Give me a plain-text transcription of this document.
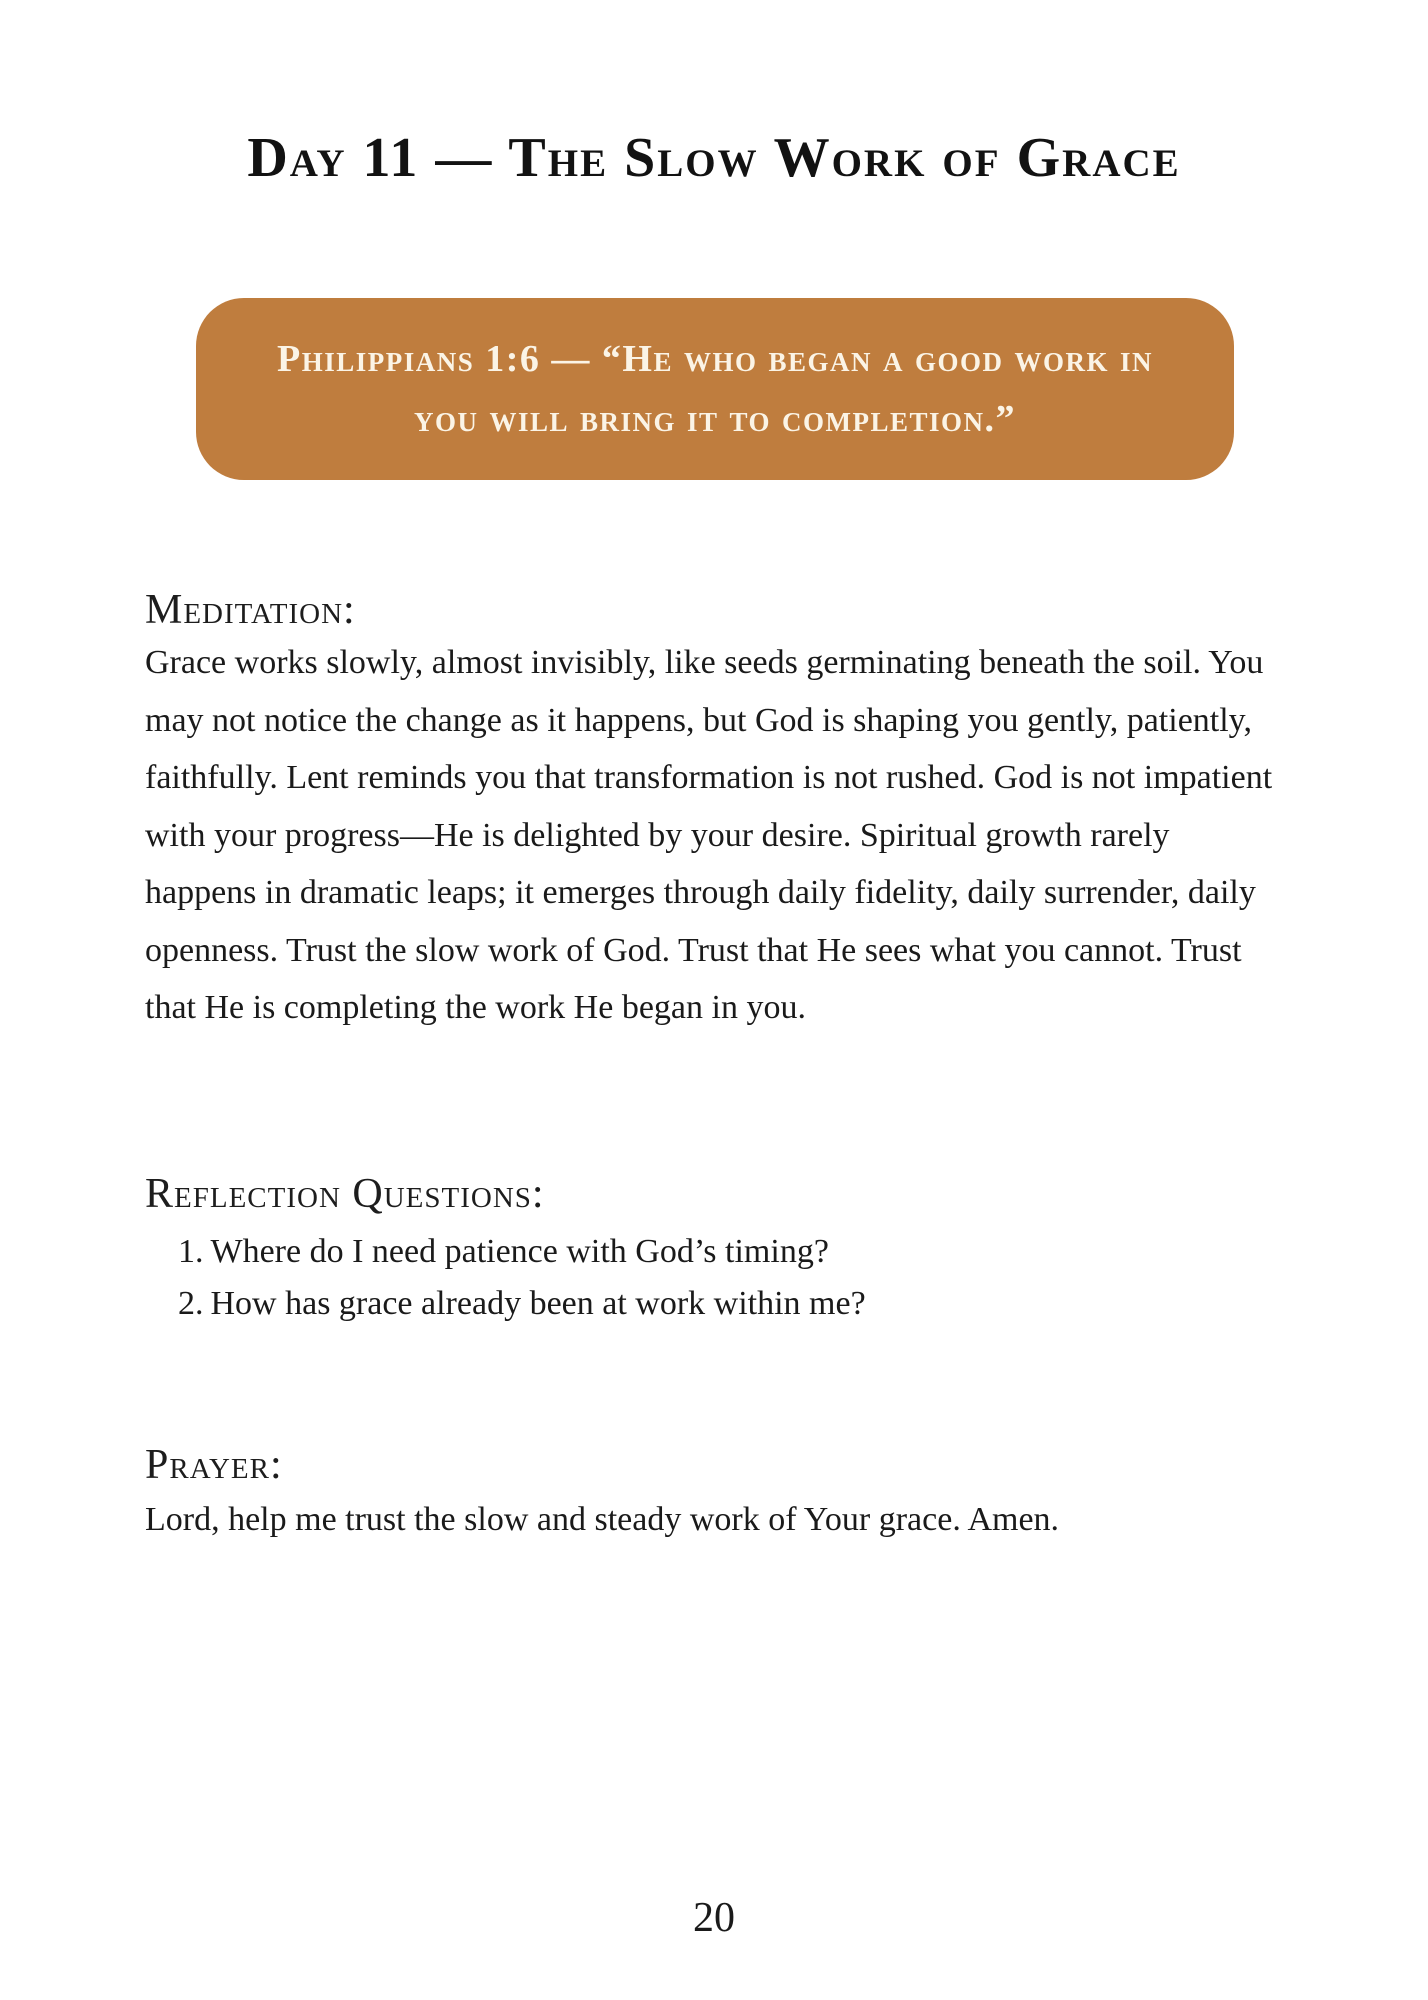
Day 11 — The Slow Work of Grace
Philippians 1:6 — “He who began a good work in you will bring it to completion.”
Meditation:
Grace works slowly, almost invisibly, like seeds germinating beneath the soil. You may not notice the change as it happens, but God is shaping you gently, patiently, faithfully. Lent reminds you that transformation is not rushed. God is not impatient with your progress—He is delighted by your desire. Spiritual growth rarely happens in dramatic leaps; it emerges through daily fidelity, daily surrender, daily openness. Trust the slow work of God. Trust that He sees what you cannot. Trust that He is completing the work He began in you.
Reflection Questions:
1. Where do I need patience with God’s timing?
2. How has grace already been at work within me?
Prayer:
Lord, help me trust the slow and steady work of Your grace. Amen.
20
